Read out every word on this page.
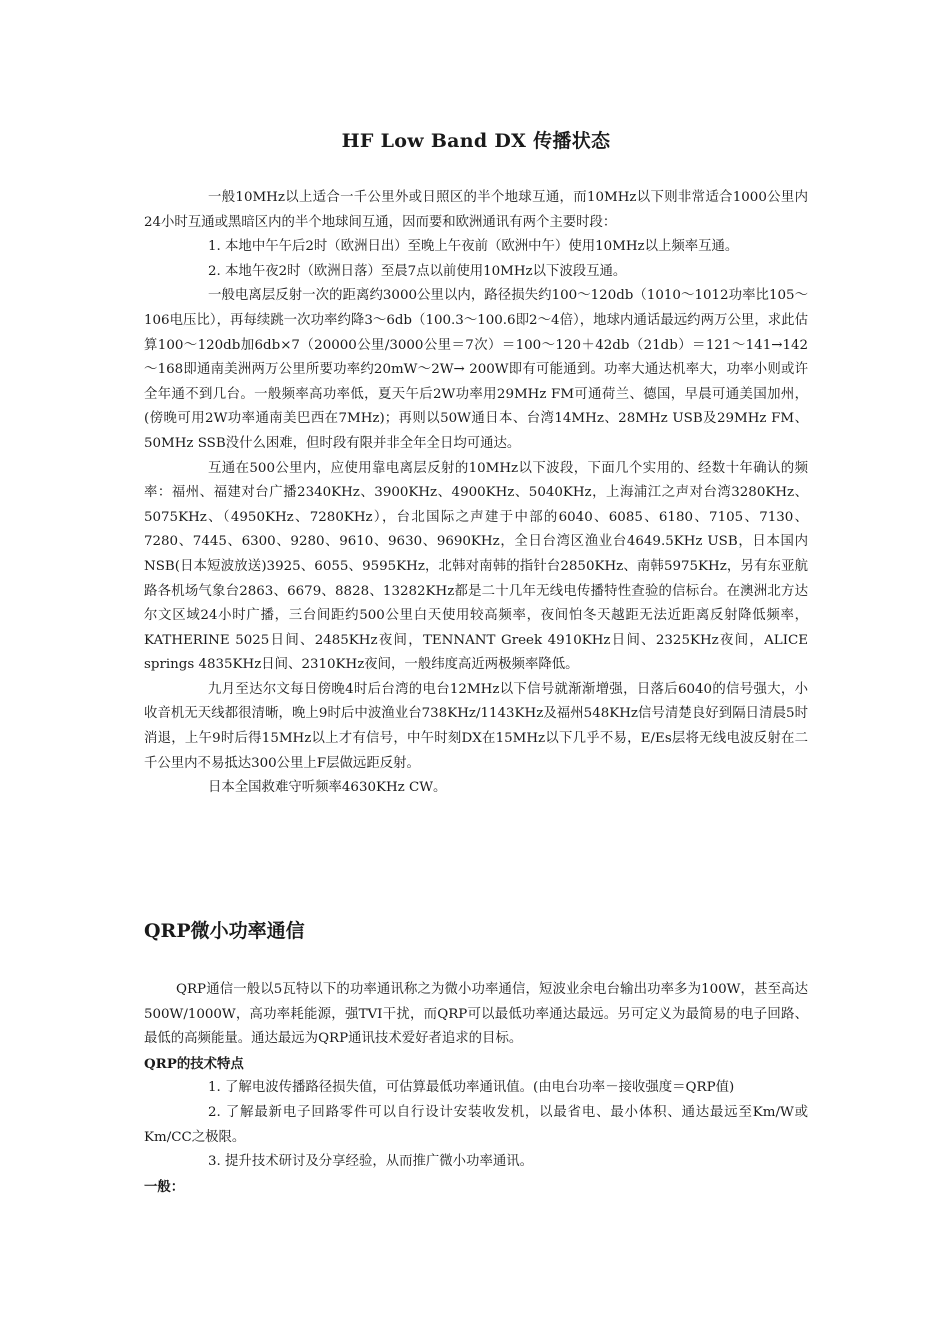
HF Low Band DX 传播状态

一般10MHz以上适合一千公里外或日照区的半个地球互通，而10MHz以下则非常适合1000公里内24小时互通或黑暗区内的半个地球间互通，因而要和欧洲通讯有两个主要时段：

1. 本地中午午后2时（欧洲日出）至晚上午夜前（欧洲中午）使用10MHz以上频率互通。

2. 本地午夜2时（欧洲日落）至晨7点以前使用10MHz以下波段互通。

一般电离层反射一次的距离约3000公里以内，路径损失约100～120db（1010～1012功率比105～106电压比），再每续跳一次功率约降3～6db（100.3～100.6即2～4倍），地球内通话最远约两万公里，求此估算100～120db加6db×7（20000公里/3000公里＝7次）＝100～120＋42db（21db）＝121～141→142～168即通南美洲两万公里所要功率约20mW～2W→ 200W即有可能通到。功率大通达机率大，功率小则或许全年通不到几台。一般频率高功率低，夏天午后2W功率用29MHz FM可通荷兰、德国，早晨可通美国加州，(傍晚可用2W功率通南美巴西在7MHz)；再则以50W通日本、台湾14MHz、28MHz USB及29MHz FM、50MHz SSB没什么困难，但时段有限并非全年全日均可通达。

互通在500公里内，应使用靠电离层反射的10MHz以下波段，下面几个实用的、经数十年确认的频率：福州、福建对台广播2340KHz、3900KHz、4900KHz、5040KHz，上海浦江之声对台湾3280KHz、5075KHz、（4950KHz、7280KHz），台北国际之声建于中部的6040、6085、6180、7105、7130、7280、7445、6300、9280、9610、9630、9690KHz，全日台湾区渔业台4649.5KHz USB，日本国内NSB(日本短波放送)3925、6055、9595KHz，北韩对南韩的指针台2850KHz、南韩5975KHz，另有东亚航路各机场气象台2863、6679、8828、13282KHz都是二十几年无线电传播特性查验的信标台。在澳洲北方达尔文区域24小时广播，三台间距约500公里白天使用较高频率，夜间怕冬天越距无法近距离反射降低频率，KATHERINE 5025日间、2485KHz夜间，TENNANT Greek 4910KHz日间、2325KHz夜间，ALICE springs 4835KHz日间、2310KHz夜间，一般纬度高近两极频率降低。

九月至达尔文每日傍晚4时后台湾的电台12MHz以下信号就渐渐增强，日落后6040的信号强大，小收音机无天线都很清晰，晚上9时后中波渔业台738KHz/1143KHz及福州548KHz信号清楚良好到隔日清晨5时消退，上午9时后得15MHz以上才有信号，中午时刻DX在15MHz以下几乎不易，E/Es层将无线电波反射在二千公里内不易抵达300公里上F层做远距反射。

日本全国救难守听频率4630KHz CW。

QRP微小功率通信

QRP通信一般以5瓦特以下的功率通讯称之为微小功率通信，短波业余电台输出功率多为100W，甚至高达500W/1000W，高功率耗能源，强TVI干扰，而QRP可以最低功率通达最远。另可定义为最简易的电子回路、最低的高频能量。通达最远为QRP通讯技术爱好者追求的目标。

QRP的技术特点

1. 了解电波传播路径损失值，可估算最低功率通讯值。(由电台功率－接收强度＝QRP值)

2. 了解最新电子回路零件可以自行设计安装收发机，以最省电、最小体积、通达最远至Km/W或Km/CC之极限。

3. 提升技术研讨及分享经验，从而推广微小功率通讯。

一般：
